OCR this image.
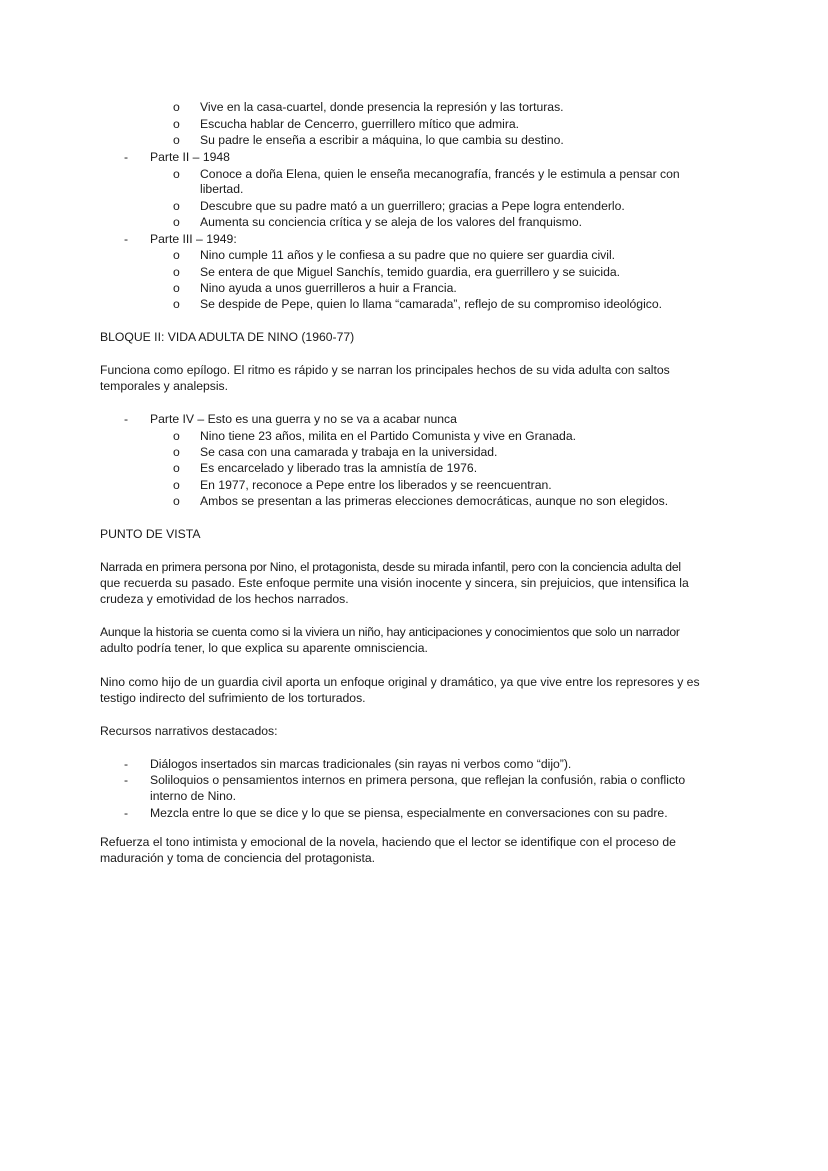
o Vive en la casa-cuartel, donde presencia la represión y las torturas.
o Escucha hablar de Cencerro, guerrillero mítico que admira.
o Su padre le enseña a escribir a máquina, lo que cambia su destino.
- Parte II – 1948
o Conoce a doña Elena, quien le enseña mecanografía, francés y le estimula a pensar con
libertad.
o Descubre que su padre mató a un guerrillero; gracias a Pepe logra entenderlo.
o Aumenta su conciencia crítica y se aleja de los valores del franquismo.
- Parte III – 1949:
o Nino cumple 11 años y le confiesa a su padre que no quiere ser guardia civil.
o Se entera de que Miguel Sanchís, temido guardia, era guerrillero y se suicida.
o Nino ayuda a unos guerrilleros a huir a Francia.
o Se despide de Pepe, quien lo llama “camarada”, reflejo de su compromiso ideológico.
BLOQUE II: VIDA ADULTA DE NINO (1960-77)
Funciona como epílogo. El ritmo es rápido y se narran los principales hechos de su vida adulta con saltos
temporales y analepsis.
- Parte IV – Esto es una guerra y no se va a acabar nunca
o Nino tiene 23 años, milita en el Partido Comunista y vive en Granada.
o Se casa con una camarada y trabaja en la universidad.
o Es encarcelado y liberado tras la amnistía de 1976.
o En 1977, reconoce a Pepe entre los liberados y se reencuentran.
o Ambos se presentan a las primeras elecciones democráticas, aunque no son elegidos.
PUNTO DE VISTA
Narrada en primera persona por Nino, el protagonista, desde su mirada infantil, pero con la conciencia adulta del
que recuerda su pasado. Este enfoque permite una visión inocente y sincera, sin prejuicios, que intensifica la
crudeza y emotividad de los hechos narrados.
Aunque la historia se cuenta como si la viviera un niño, hay anticipaciones y conocimientos que solo un narrador
adulto podría tener, lo que explica su aparente omnisciencia.
Nino como hijo de un guardia civil aporta un enfoque original y dramático, ya que vive entre los represores y es
testigo indirecto del sufrimiento de los torturados.
Recursos narrativos destacados:
- Diálogos insertados sin marcas tradicionales (sin rayas ni verbos como “dijo”).
- Soliloquios o pensamientos internos en primera persona, que reflejan la confusión, rabia o conflicto
interno de Nino.
- Mezcla entre lo que se dice y lo que se piensa, especialmente en conversaciones con su padre.
Refuerza el tono intimista y emocional de la novela, haciendo que el lector se identifique con el proceso de
maduración y toma de conciencia del protagonista.
